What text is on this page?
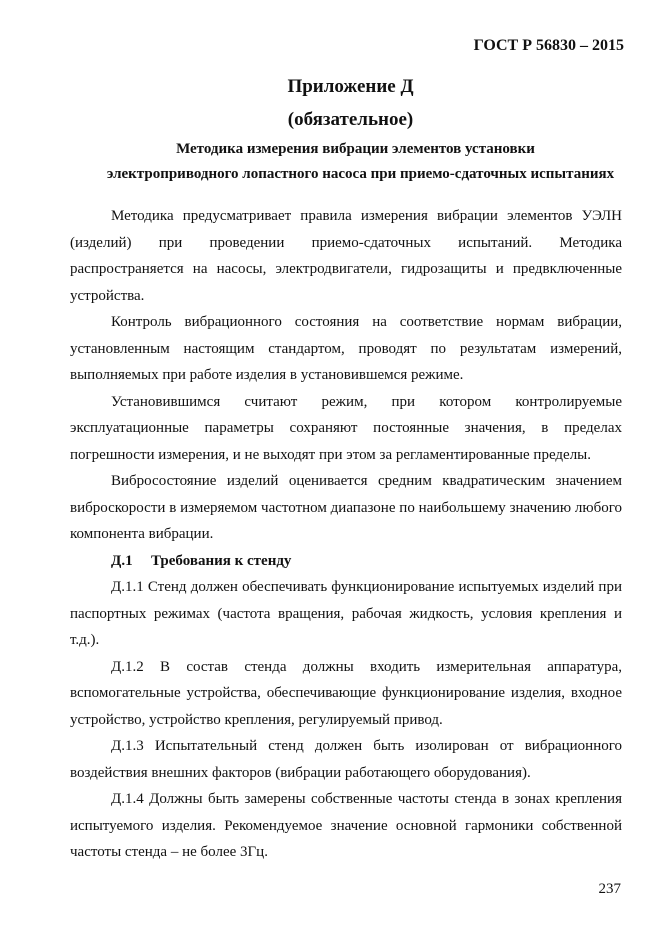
ГОСТ Р 56830 – 2015
Приложение Д
(обязательное)
Методика измерения вибрации элементов установки
электроприводного лопастного насоса при приемо-сдаточных испытаниях

Методика предусматривает правила измерения вибрации элементов УЭЛН (изделий) при проведении приемо-сдаточных испытаний. Методика распространяется на насосы, электродвигатели, гидрозащиты и предвключенные устройства.

Контроль вибрационного состояния на соответствие нормам вибрации, установленным настоящим стандартом, проводят по результатам измерений, выполняемых при работе изделия в установившемся режиме.

Установившимся считают режим, при котором контролируемые эксплуатационные параметры сохраняют постоянные значения, в пределах погрешности измерения, и не выходят при этом за регламентированные пределы.

Вибросостояние изделий оценивается средним квадратическим значением виброскорости в измеряемом частотном диапазоне по наибольшему значению любого компонента вибрации.

Д.1 Требования к стенду

Д.1.1 Стенд должен обеспечивать функционирование испытуемых изделий при паспортных режимах (частота вращения, рабочая жидкость, условия крепления и т.д.).

Д.1.2 В состав стенда должны входить измерительная аппаратура, вспомогательные устройства, обеспечивающие функционирование изделия, входное устройство, устройство крепления, регулируемый привод.

Д.1.3 Испытательный стенд должен быть изолирован от вибрационного воздействия внешних факторов (вибрации работающего оборудования).

Д.1.4 Должны быть замерены собственные частоты стенда в зонах крепления испытуемого изделия. Рекомендуемое значение основной гармоники собственной частоты стенда – не более 3Гц.

237
